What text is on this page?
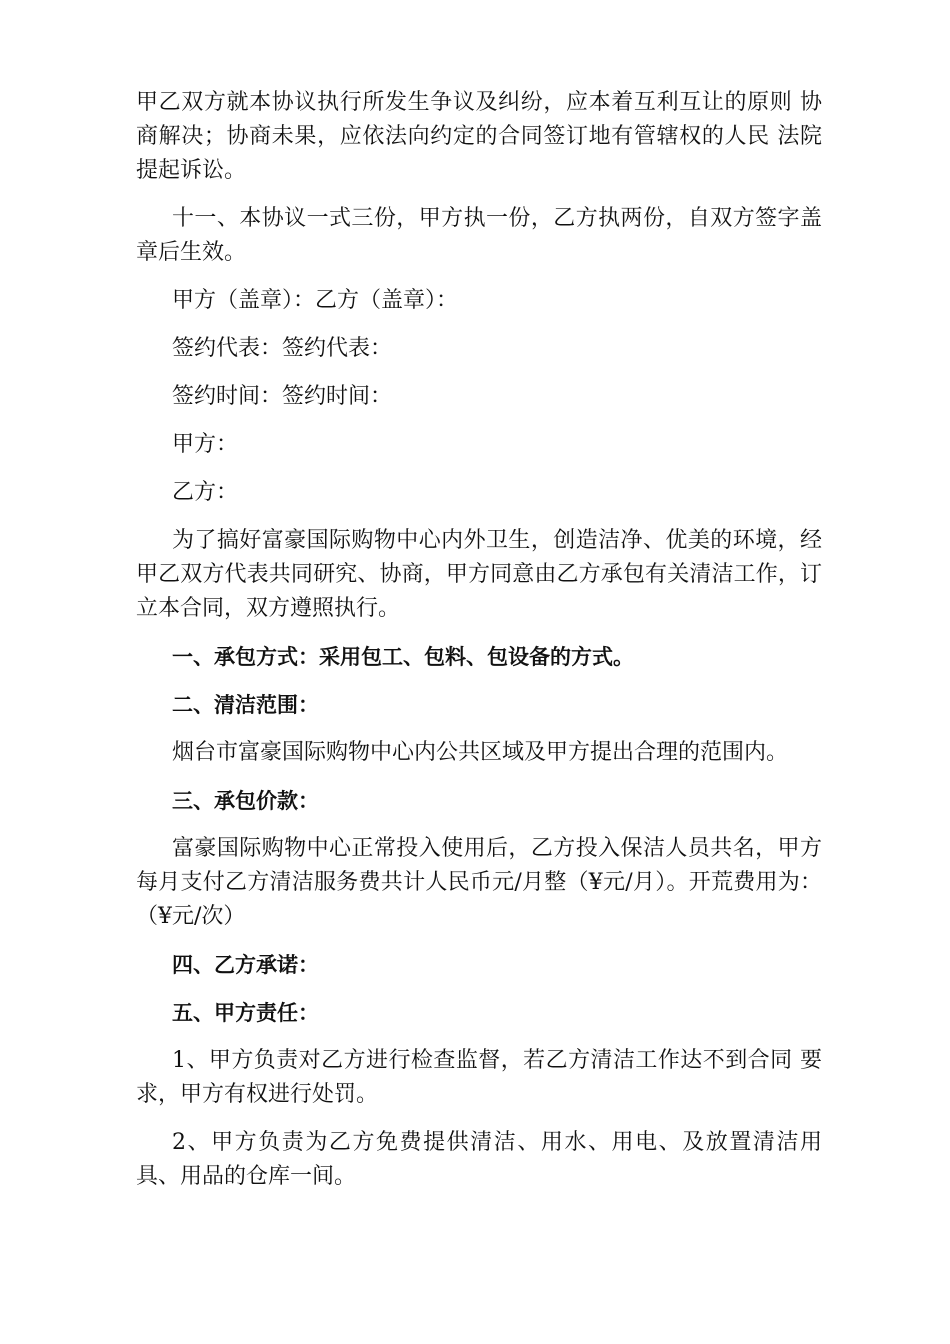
甲乙双方就本协议执行所发生争议及纠纷，应本着互利互让的原则 协商解决；协商未果，应依法向约定的合同签订地有管辖权的人民 法院提起诉讼。

十一、本协议一式三份，甲方执一份，乙方执两份，自双方签字盖章后生效。

甲方（盖章）：乙方（盖章）：

签约代表：签约代表：

签约时间：签约时间：

甲方：

乙方：

为了搞好富豪国际购物中心内外卫生，创造洁净、优美的环境，经甲乙双方代表共同研究、协商，甲方同意由乙方承包有关清洁工作，订立本合同，双方遵照执行。

一、承包方式：采用包工、包料、包设备的方式。

二、清洁范围：

烟台市富豪国际购物中心内公共区域及甲方提出合理的范围内。

三、承包价款：

富豪国际购物中心正常投入使用后，乙方投入保洁人员共名，甲方每月支付乙方清洁服务费共计人民币元/月整（¥元/月）。开荒费用为：（¥元/次）

四、乙方承诺：

五、甲方责任：

1、甲方负责对乙方进行检查监督，若乙方清洁工作达不到合同 要求，甲方有权进行处罚。

2、甲方负责为乙方免费提供清洁、用水、用电、及放置清洁用具、用品的仓库一间。
